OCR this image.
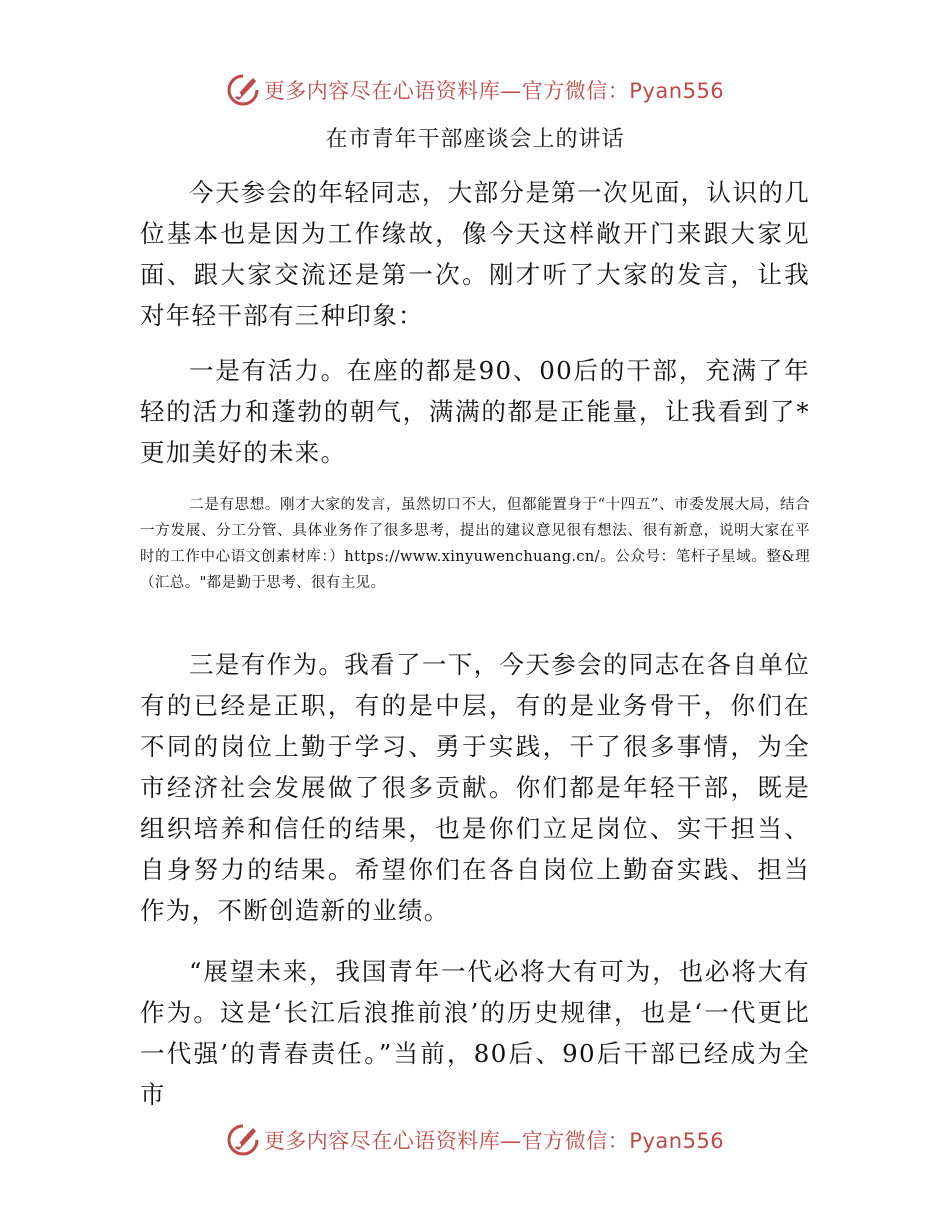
更多内容尽在心语资料库—官方微信：Pyan556
在市青年干部座谈会上的讲话

今天参会的年轻同志，大部分是第一次见面，认识的几位基本也是因为工作缘故，像今天这样敞开门来跟大家见面、跟大家交流还是第一次。刚才听了大家的发言，让我对年轻干部有三种印象：

一是有活力。在座的都是90、00后的干部，充满了年轻的活力和蓬勃的朝气，满满的都是正能量，让我看到了*更加美好的未来。

二是有思想。刚才大家的发言，虽然切口不大，但都能置身于“十四五”、市委发展大局，结合一方发展、分工分管、具体业务作了很多思考，提出的建议意见很有想法、很有新意，说明大家在平时的工作中心语文创素材库：）https://www.xinyuwenchuang.cn/。公众号：笔杆子星域。整&理（汇总。"都是勤于思考、很有主见。

三是有作为。我看了一下，今天参会的同志在各自单位有的已经是正职，有的是中层，有的是业务骨干，你们在不同的岗位上勤于学习、勇于实践，干了很多事情，为全市经济社会发展做了很多贡献。你们都是年轻干部，既是组织培养和信任的结果，也是你们立足岗位、实干担当、自身努力的结果。希望你们在各自岗位上勤奋实践、担当作为，不断创造新的业绩。

“展望未来，我国青年一代必将大有可为，也必将大有作为。这是‘长江后浪推前浪’的历史规律，也是‘一代更比一代强’的青春责任。”当前，80后、90后干部已经成为全市

更多内容尽在心语资料库—官方微信：Pyan556
